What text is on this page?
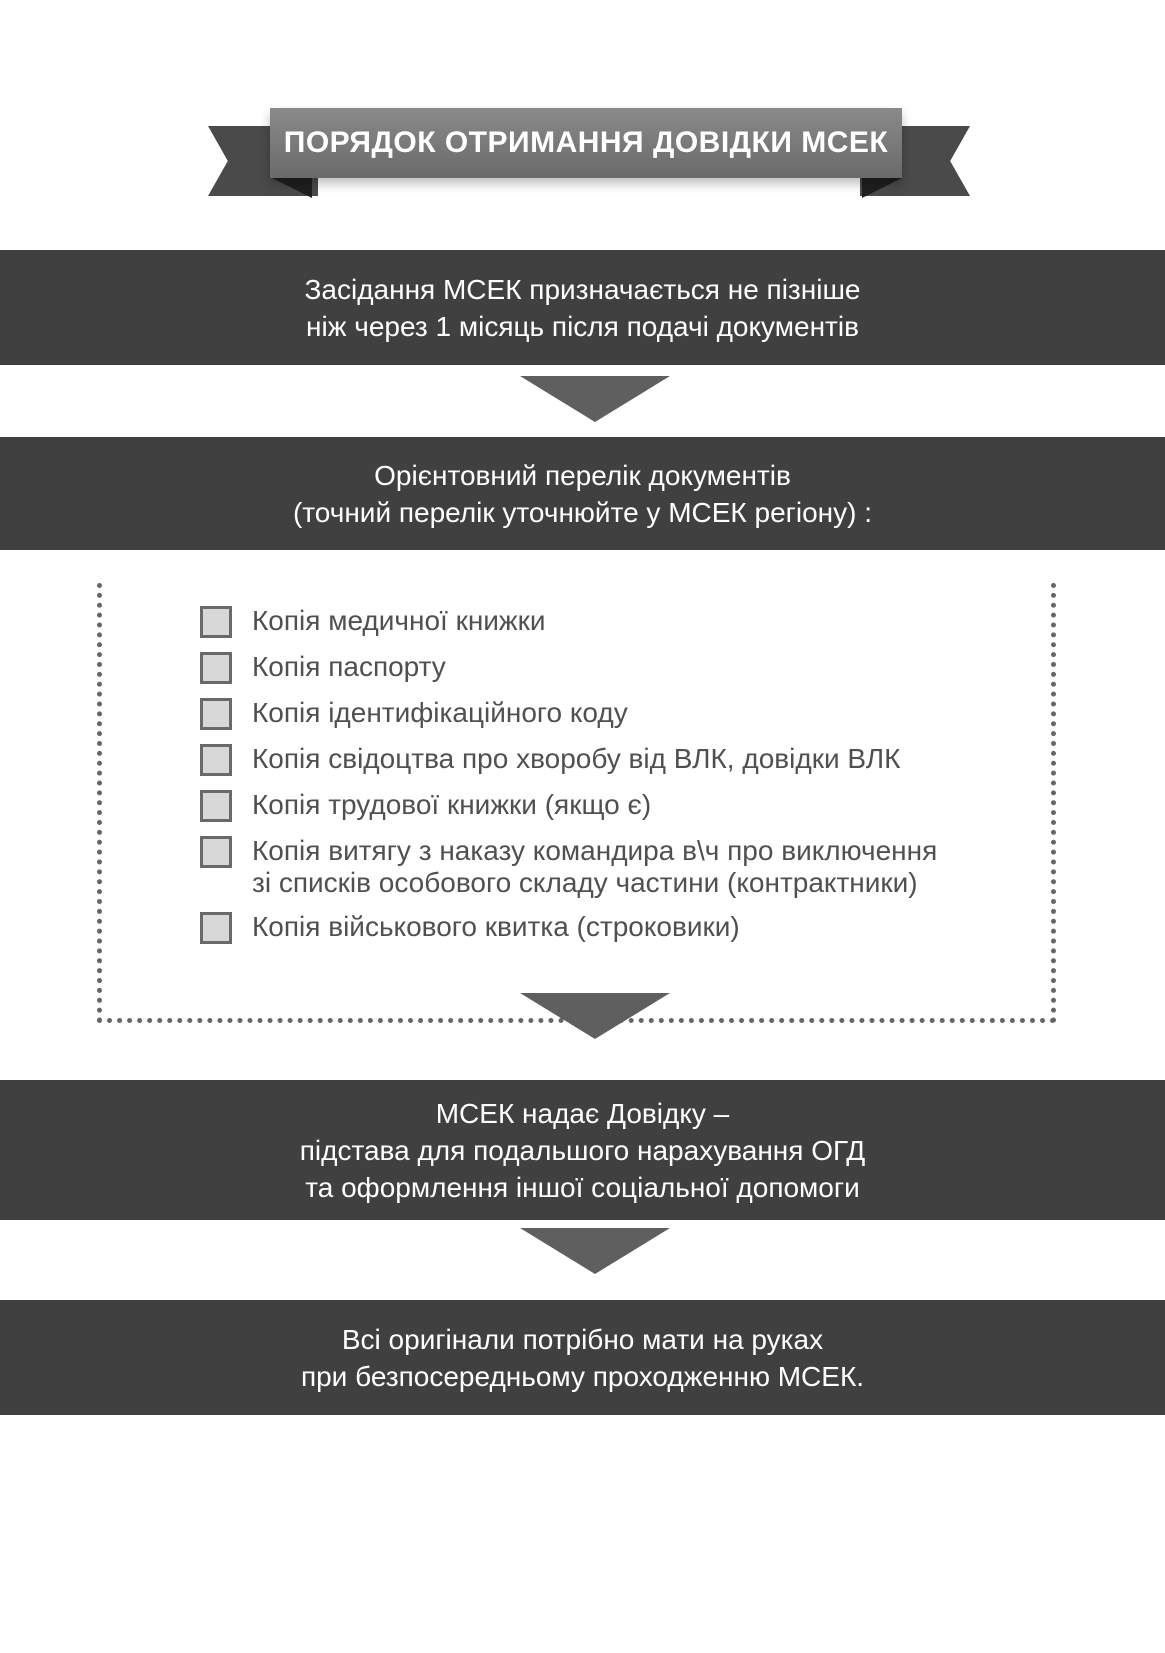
ПОРЯДОК ОТРИМАННЯ ДОВІДКИ МСЕК
Засідання МСЕК призначається не пізніше
ніж через 1 місяць після подачі документів
Орієнтовний перелік документів
(точний перелік уточнюйте у МСЕК регіону) :
Копія медичної книжки
Копія паспорту
Копія ідентифікаційного коду
Копія свідоцтва про хворобу від ВЛК, довідки ВЛК
Копія трудової книжки (якщо є)
Копія витягу з наказу командира в\ч про виключення
зі списків особового складу частини (контрактники)
Копія військового квитка (строковики)
МСЕК надає Довідку –
підстава для подальшого нарахування ОГД
та оформлення іншої соціальної допомоги
Всі оригінали потрібно мати на руках
при безпосередньому проходженню МСЕК.
